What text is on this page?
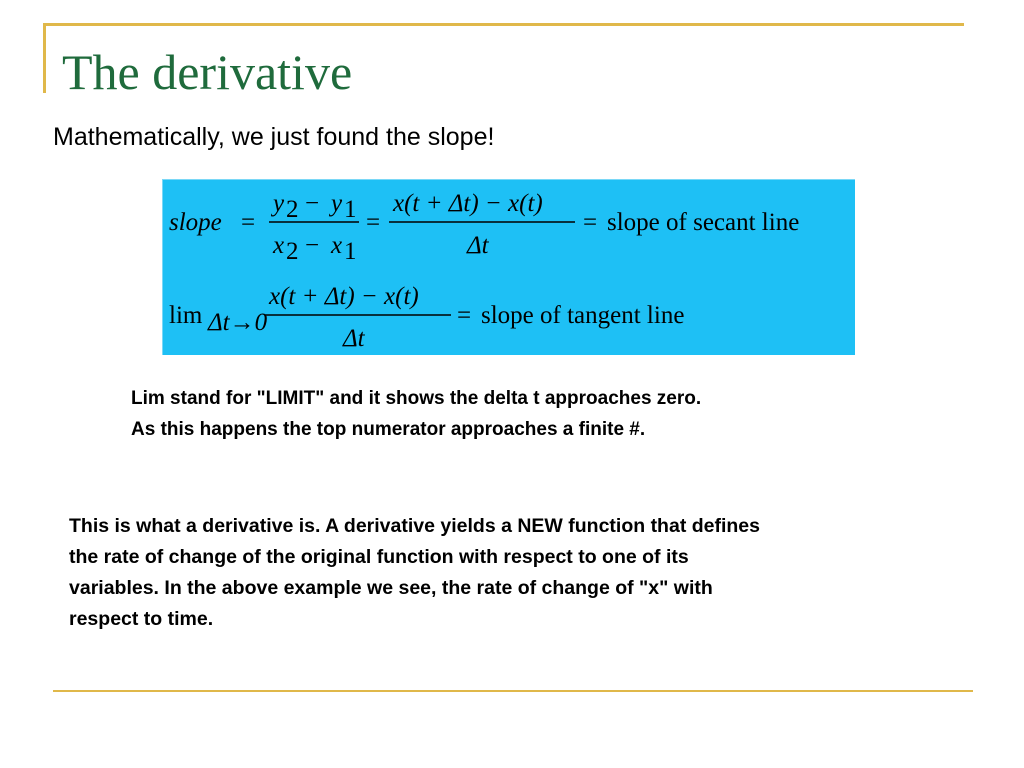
The derivative

Mathematically, we just found the slope!

slope =
y 2 − y 1
x 2 − x 1
=
x(t + Δt) − x(t)
Δt
= slope of secant line
lim Δt→0
x(t + Δt) − x(t)
Δt
= slope of tangent line
Lim stand for "LIMIT" and it shows the delta t approaches zero.
As this happens the top numerator approaches a finite #.
This is what a derivative is. A derivative yields a NEW function that defines
the rate of change of the original function with respect to one of its
variables. In the above example we see, the rate of change of "x" with
respect to time.
